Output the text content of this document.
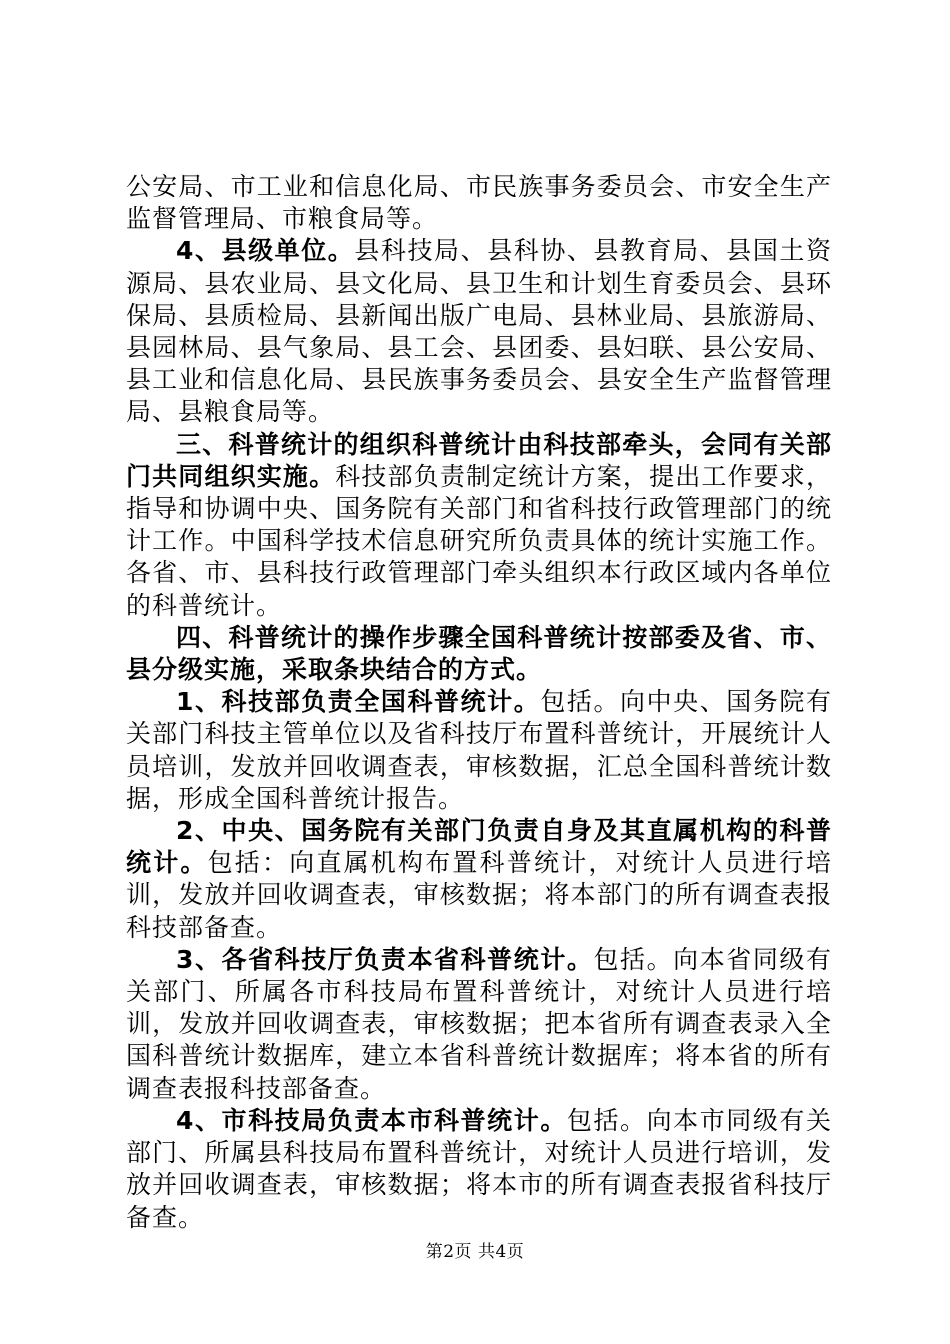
公安局、市工业和信息化局、市民族事务委员会、市安全生产监督管理局、市粮食局等。

4、县级单位。县科技局、县科协、县教育局、县国土资源局、县农业局、县文化局、县卫生和计划生育委员会、县环保局、县质检局、县新闻出版广电局、县林业局、县旅游局、县园林局、县气象局、县工会、县团委、县妇联、县公安局、县工业和信息化局、县民族事务委员会、县安全生产监督管理局、县粮食局等。

三、科普统计的组织科普统计由科技部牵头，会同有关部门共同组织实施。科技部负责制定统计方案，提出工作要求，指导和协调中央、国务院有关部门和省科技行政管理部门的统计工作。中国科学技术信息研究所负责具体的统计实施工作。各省、市、县科技行政管理部门牵头组织本行政区域内各单位的科普统计。

四、科普统计的操作步骤全国科普统计按部委及省、市、县分级实施，采取条块结合的方式。

1、科技部负责全国科普统计。包括。向中央、国务院有关部门科技主管单位以及省科技厅布置科普统计，开展统计人员培训，发放并回收调查表，审核数据，汇总全国科普统计数据，形成全国科普统计报告。

2、中央、国务院有关部门负责自身及其直属机构的科普统计。包括：向直属机构布置科普统计，对统计人员进行培训，发放并回收调查表，审核数据；将本部门的所有调查表报科技部备查。

3、各省科技厅负责本省科普统计。包括。向本省同级有关部门、所属各市科技局布置科普统计，对统计人员进行培训，发放并回收调查表，审核数据；把本省所有调查表录入全国科普统计数据库，建立本省科普统计数据库；将本省的所有调查表报科技部备查。

4、市科技局负责本市科普统计。包括。向本市同级有关部门、所属县科技局布置科普统计，对统计人员进行培训，发放并回收调查表，审核数据；将本市的所有调查表报省科技厅备查。

第2页 共4页
